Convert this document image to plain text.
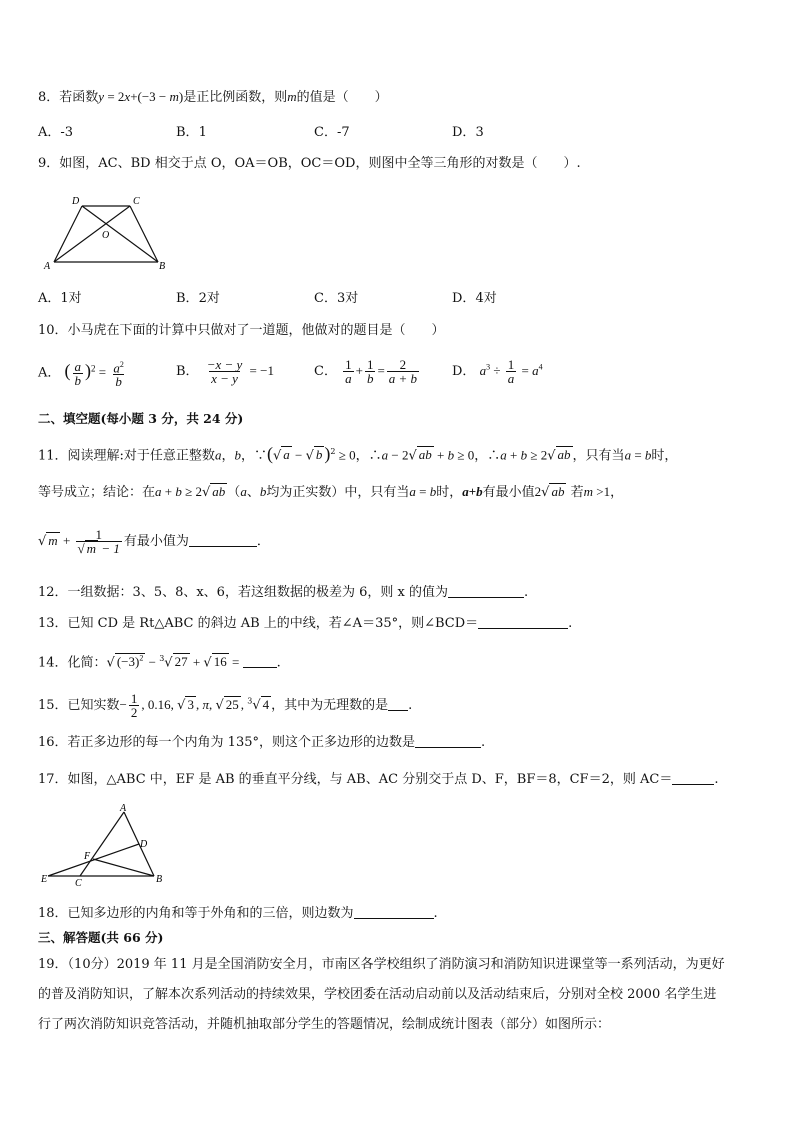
8．若函数y = 2x+(−3 − m)是正比例函数，则m的值是（　　）
A．-3	B．1	C．-7	D．3
9．如图，AC、BD 相交于点 O，OA＝OB，OC＝OD，则图中全等三角形的对数是（　　）.
D	C
O
A	B
A．1对	B．2对	C．3对	D．4对
10．小马虎在下面的计算中只做对了一道题，他做对的题目是（　　）
A． ( $\frac{a}{b} )^2 = \frac{a^2}{b}$	B． $\frac{-x - y}{x - y} = -1$	C． $\frac{1}{a} + \frac{1}{b} = \frac{2}{a + b}$	D． $a^3 \div \frac{1}{a} = a^4$
二、填空题(每小题 3 分，共 24 分)
11．阅读理解:对于任意正整数a，b，∵(√ a − √ b )$^2$ ≥ 0，∴a − 2√ ab + b ≥ 0，∴a + b ≥ 2√ ab ，只有当a = b时，
等号成立；结论：在a + b ≥ 2√ ab （a、b均为正实数）中，只有当a = b时，a+b有最小值2√ ab 若m >1，
√ $m + \frac{1}{√ m - 1}$ 有最小值为	．
12．一组数据：3、5、8、x、6，若这组数据的极差为 6，则 x 的值为	.
13．已知 CD 是 Rt△ABC 的斜边 AB 上的中线，若∠A＝35°，则∠BCD＝	.
14．化简：√ $(-3)^2 - ^3√$ 27 + √ 16 =	.
15．已知实数− $\frac{1}{2}$ , 0.16, √ 3 , π, √ 25 , $^3$√ 4 ，其中为无理数的是 .
16．若正多边形的每一个内角为 135°，则这个正多边形的边数是	.
17．如图，△ABC 中，EF 是 AB 的垂直平分线，与 AB、AC 分别交于点 D、F，BF＝8，CF＝2，则 AC＝	.
A
D
F
E	C	B
18．已知多边形的内角和等于外角和的三倍，则边数为	.
三、解答题(共 66 分)
19．（10分）2019 年 11 月是全国消防安全月，市南区各学校组织了消防演习和消防知识进课堂等一系列活动，为更好
的普及消防知识，了解本次系列活动的持续效果，学校团委在活动启动前以及活动结束后，分别对全校 2000 名学生进
行了两次消防知识竞答活动，并随机抽取部分学生的答题情况，绘制成统计图表（部分）如图所示：
